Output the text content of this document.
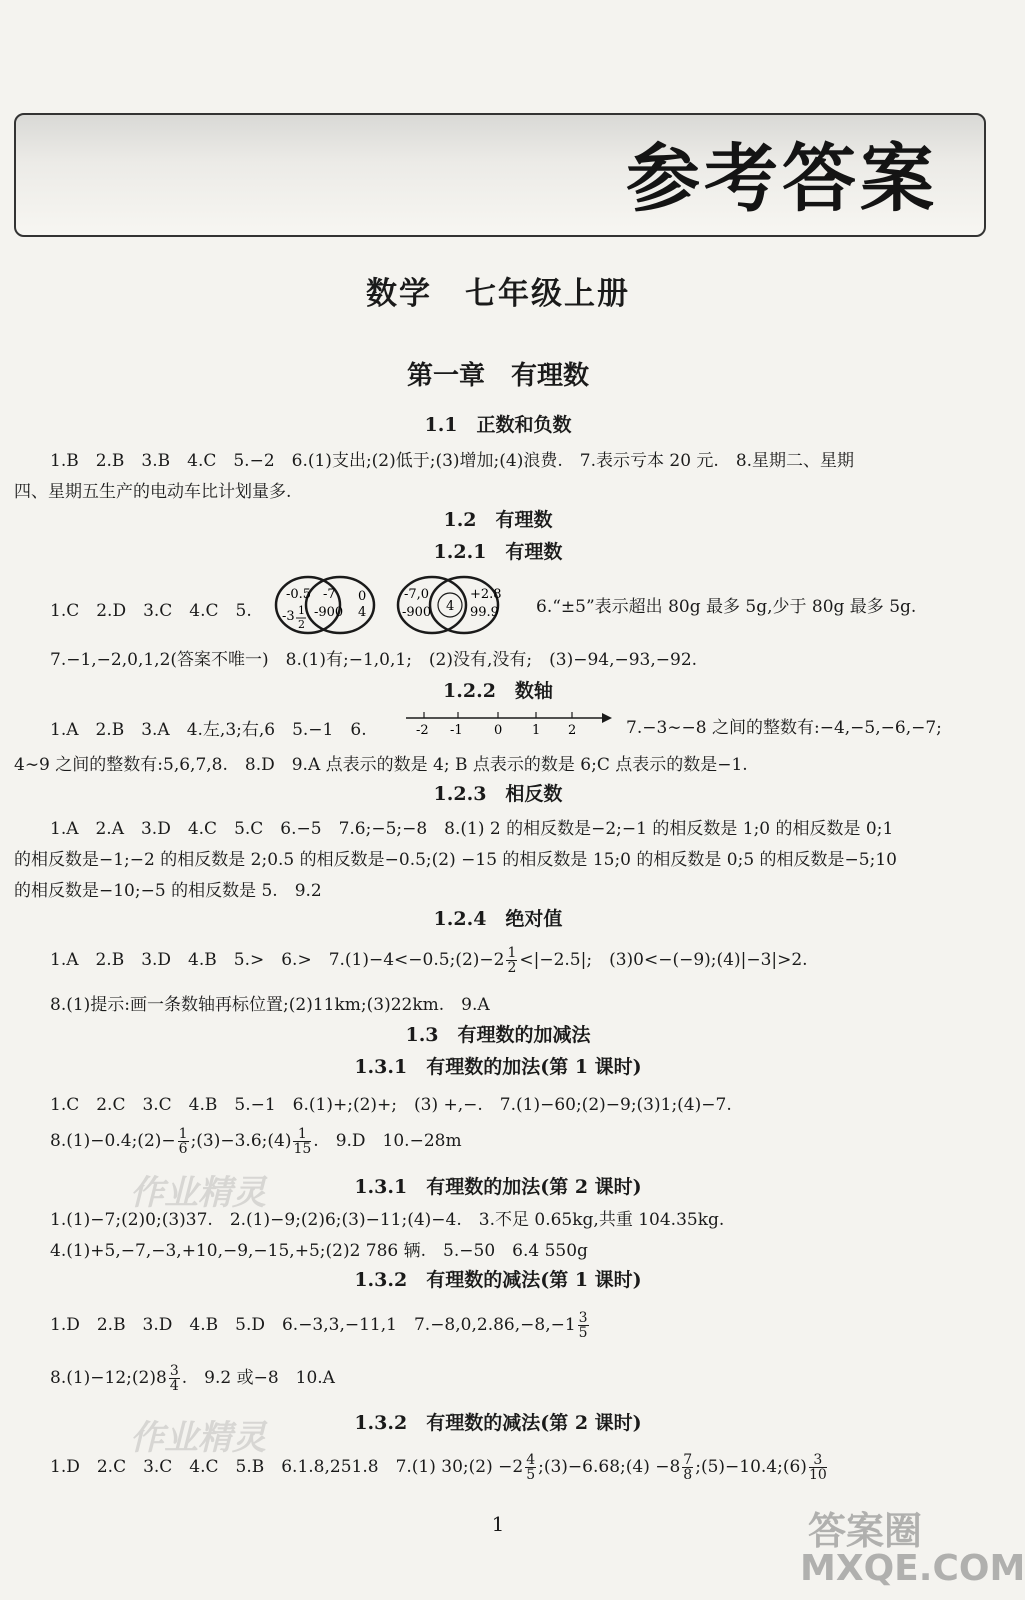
参考答案
数学　七年级上册
第一章　有理数
1.1　正数和负数
1.B　2.B　3.B　4.C　5.−2　6.(1)支出;(2)低于;(3)增加;(4)浪费.　7.表示亏本 20 元.　8.星期二、星期
四、星期五生产的电动车比计划量多.
1.2　有理数
1.2.1　有理数
1.C　2.D　3.C　4.C　5.
-0.5
-3 1
2
-7
-900
0
4
-7,0
-900 4
+2.8
99.9 6.“±5”表示超出 80g 最多 5g,少于 80g 最多 5g.
7.−1,−2,0,1,2(答案不唯一)　8.(1)有;−1,0,1;　(2)没有,没有;　(3)−94,−93,−92.
1.2.2　数轴
1.A　2.B　3.A　4.左,3;右,6　5.−1　6.	-2 -1 0 1 2	7.−3∼−8 之间的整数有:−4,−5,−6,−7;
4∼9 之间的整数有:5,6,7,8.　8.D　9.A 点表示的数是 4; B 点表示的数是 6;C 点表示的数是−1.
1.2.3　相反数
1.A　2.A　3.D　4.C　5.C　6.−5　7.6;−5;−8　8.(1) 2 的相反数是−2;−1 的相反数是 1;0 的相反数是 0;1
的相反数是−1;−2 的相反数是 2;0.5 的相反数是−0.5;(2) −15 的相反数是 15;0 的相反数是 0;5 的相反数是−5;10
的相反数是−10;−5 的相反数是 5.　9.2
1.2.4　绝对值
1.A　2.B　3.D　4.B　5.>　6.>　7.(1)−4<−0.5;(2)−2 $\frac{1}{2} <|-2.5|$;　(3)0<−(−9);(4)|−3|>2.
8.(1)提示:画一条数轴再标位置;(2)11km;(3)22km.　9.A
1.3　有理数的加减法
1.3.1　有理数的加法(第 1 课时)
1.C　2.C　3.C　4.B　5.−1　6.(1)+;(2)+;　(3) +,−.　7.(1)−60;(2)−9;(3)1;(4)−7.
8.(1)−0.4;(2)− $\frac{1}{6}$ ;(3)−3.6;(4) $\frac{1}{15}$ .　9.D　10.−28m
作业精灵	1.3.1　有理数的加法(第 2 课时)
1.(1)−7;(2)0;(3)37.　2.(1)−9;(2)6;(3)−11;(4)−4.　3.不足 0.65kg,共重 104.35kg.
4.(1)+5,−7,−3,+10,−9,−15,+5;(2)2 786 辆.　5.−50　6.4 550g
1.3.2　有理数的减法(第 1 课时)
1.D　2.B　3.D　4.B　5.D　6.−3,3,−11,1　$7.-8,0,2.86,-8,-1 \frac{3}{5}$
8.(1)−12;(2)8 $\frac{3}{4}$ .　9.2 或−8　10.A
作业精灵	1.3.2　有理数的减法(第 2 课时)
1.D　2.C　3.C　4.C　5.B　6.1.8,251.8　7.(1) 30;(2) $-2 \frac{4}{5}$ ;(3)−6.68;(4) $-8 \frac{7}{8}$ ;(5)−10.4;(6) $\frac{3}{10}$
1	答案圈
MXQE.COM
